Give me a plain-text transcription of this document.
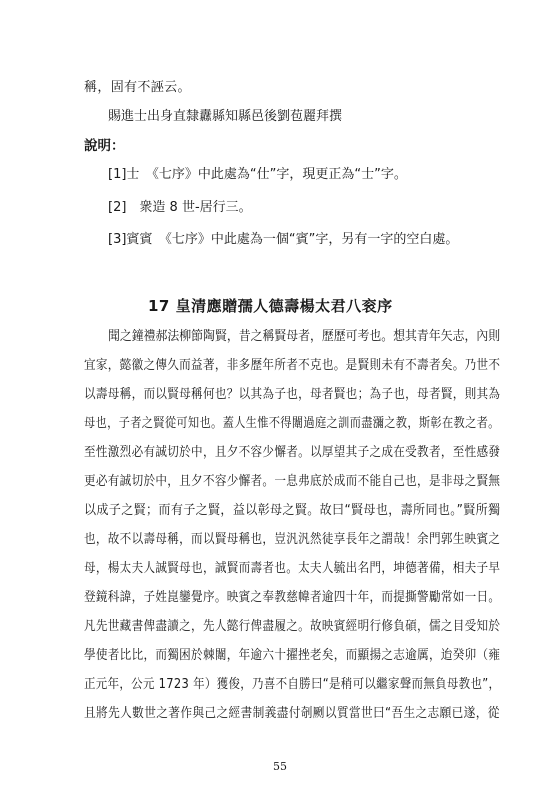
稱，固有不誣云。
賜進士出身直隸纛縣知縣邑後劉苞麗拜撰
說明：
[1]士　《七序》中此處為“仕”字，現更正為“士”字。
[2]　衆造 8 世-居行三。
[3]賓賓　《七序》中此處為一個“賓”字，另有一字的空白處。
17 皇清應贈孺人德壽楊太君八衮序
聞之鐘禮郝法柳節陶賢，昔之稱賢母者，歷歷可考也。想其青年矢志，內則
宜家，懿徽之傳久而益著，非多歷年所者不克也。是賢則未有不壽者矣。乃世不
以壽母稱，而以賢母稱何也？以其為子也，母者賢也；為子也，母者賢，則其為
母也，子者之賢從可知也。蓋人生惟不得闈過庭之訓而盡瀰之教，斯彰在教之者。
至性激烈必有誠切於中，且夕不容少懈者。以厚望其子之成在受教者，至性感發
更必有誠切於中，且夕不容少懈者。一息弗底於成而不能自己也，是非母之賢無
以成子之賢；而有子之賢，益以彰母之賢。故曰“賢母也，壽所同也。”賢所獨
也，故不以壽母稱，而以賢母稱也，豈汎汎然徒享長年之謂哉！余門郭生映賓之
母，楊太夫人誠賢母也，誠賢而壽者也。太夫人毓出名門，坤德著備，相夫子早
登鏡科諱，子姓崑鑾覺序。映賓之奉教慈幃者逾四十年，而提撕警勵常如一日。
凡先世藏書俾盡讀之，先人懿行俾盡履之。故映賓經明行修負碩，儒之目受知於
學使者比比，而獨困於棘闈，年逾六十擢挫老矣，而顯揚之志逾厲，迨癸卯（雍
正元年，公元 1723 年）獲俊，乃喜不自勝曰“是稍可以繼家聲而無負母教也”，
且將先人數世之著作與己之經書制義盡付剞劂以質當世曰“吾生之志願已遂，從
55
